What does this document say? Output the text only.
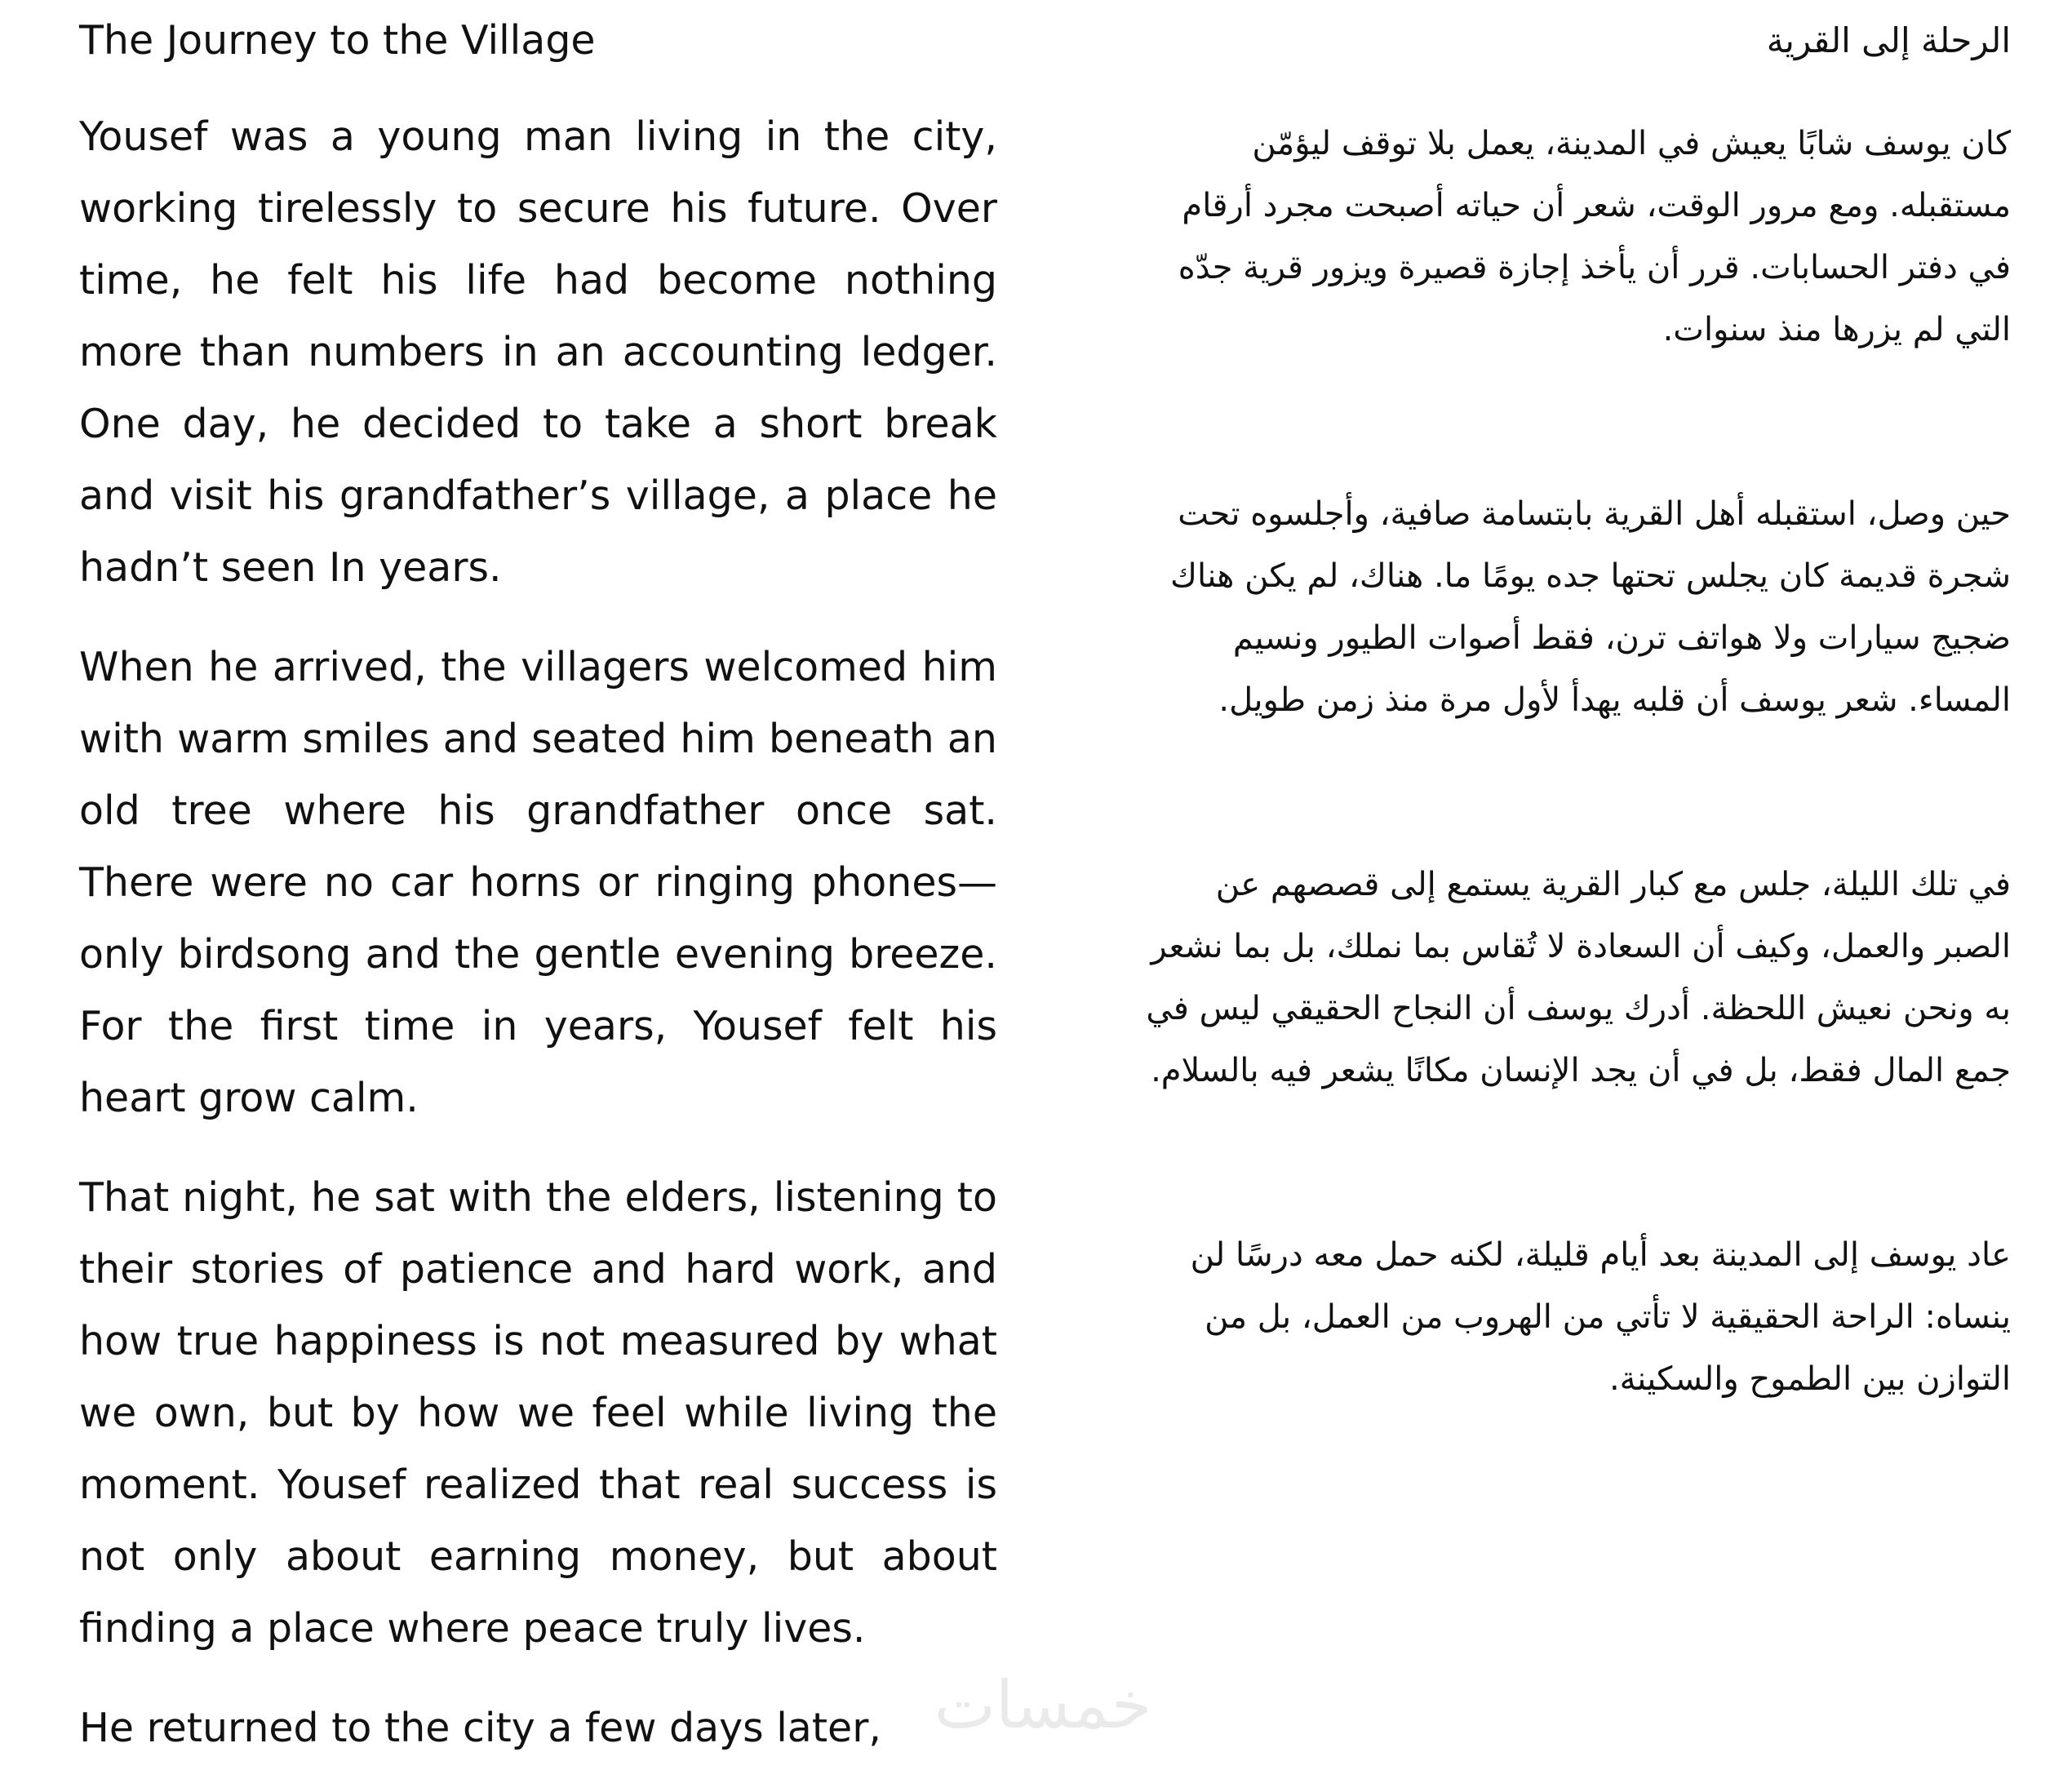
The Journey to the Village

Yousef was a young man living in the city, working tirelessly to secure his future. Over time, he felt his life had become nothing more than numbers in an accounting ledger. One day, he decided to take a short break and visit his grandfather’s village, a place he hadn’t seen In years.

When he arrived, the villagers welcomed him with warm smiles and seated him beneath an old tree where his grandfather once sat. There were no car horns or ringing phones—only birdsong and the gentle evening breeze. For the first time in years, Yousef felt his heart grow calm.

That night, he sat with the elders, listening to their stories of patience and hard work, and how true happiness is not measured by what we own, but by how we feel while living the moment. Yousef realized that real success is not only about earning money, but about finding a place where peace truly lives.

He returned to the city a few days later,

الرحلة إلى القرية

كان يوسف شابًا يعيش في المدينة، يعمل بلا توقف ليؤمّن مستقبله. ومع مرور الوقت، شعر أن حياته أصبحت مجرد أرقام في دفتر الحسابات. قرر أن يأخذ إجازة قصيرة ويزور قرية جدّه التي لم يزرها منذ سنوات.

حين وصل، استقبله أهل القرية بابتسامة صافية، وأجلسوه تحت شجرة قديمة كان يجلس تحتها جده يومًا ما. هناك، لم يكن هناك ضجيج سيارات ولا هواتف ترن، فقط أصوات الطيور ونسيم المساء. شعر يوسف أن قلبه يهدأ لأول مرة منذ زمن طويل.

في تلك الليلة، جلس مع كبار القرية يستمع إلى قصصهم عن الصبر والعمل، وكيف أن السعادة لا تُقاس بما نملك، بل بما نشعر به ونحن نعيش اللحظة. أدرك يوسف أن النجاح الحقيقي ليس في جمع المال فقط، بل في أن يجد الإنسان مكانًا يشعر فيه بالسلام.

عاد يوسف إلى المدينة بعد أيام قليلة، لكنه حمل معه درسًا لن ينساه: الراحة الحقيقية لا تأتي من الهروب من العمل، بل من التوازن بين الطموح والسكينة.

خمسات
